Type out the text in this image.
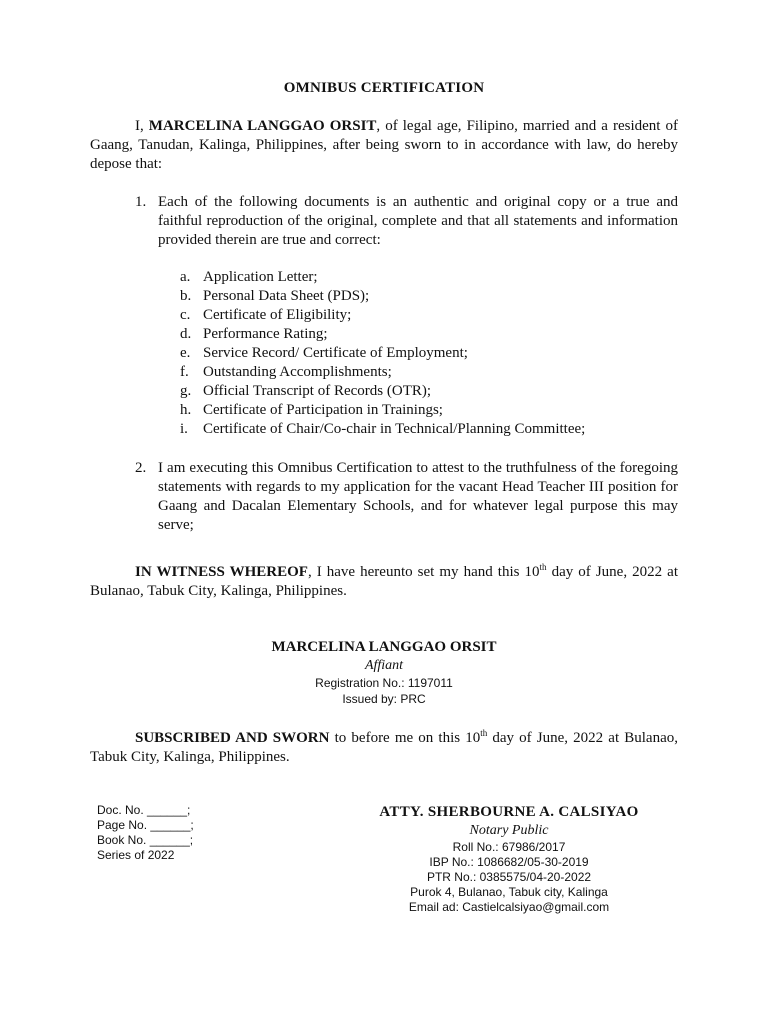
OMNIBUS CERTIFICATION
I, MARCELINA LANGGAO ORSIT, of legal age, Filipino, married and a resident of Gaang, Tanudan, Kalinga, Philippines, after being sworn to in accordance with law, do hereby depose that:
1. Each of the following documents is an authentic and original copy or a true and faithful reproduction of the original, complete and that all statements and information provided therein are true and correct:
a. Application Letter;
b. Personal Data Sheet (PDS);
c. Certificate of Eligibility;
d. Performance Rating;
e. Service Record/ Certificate of Employment;
f. Outstanding Accomplishments;
g. Official Transcript of Records (OTR);
h. Certificate of Participation in Trainings;
i. Certificate of Chair/Co-chair in Technical/Planning Committee;
2. I am executing this Omnibus Certification to attest to the truthfulness of the foregoing statements with regards to my application for the vacant Head Teacher III position for Gaang and Dacalan Elementary Schools, and for whatever legal purpose this may serve;
IN WITNESS WHEREOF, I have hereunto set my hand this 10th day of June, 2022 at Bulanao, Tabuk City, Kalinga, Philippines.
MARCELINA LANGGAO ORSIT
Affiant
Registration No.: 1197011
Issued by: PRC
SUBSCRIBED AND SWORN to before me on this 10th day of June, 2022 at Bulanao, Tabuk City, Kalinga, Philippines.
Doc. No. ______;
Page No. ______;
Book No. ______;
Series of 2022
ATTY. SHERBOURNE A. CALSIYAO
Notary Public
Roll No.: 67986/2017
IBP No.: 1086682/05-30-2019
PTR No.: 0385575/04-20-2022
Purok 4, Bulanao, Tabuk city, Kalinga
Email ad: Castielcalsiyao@gmail.com
